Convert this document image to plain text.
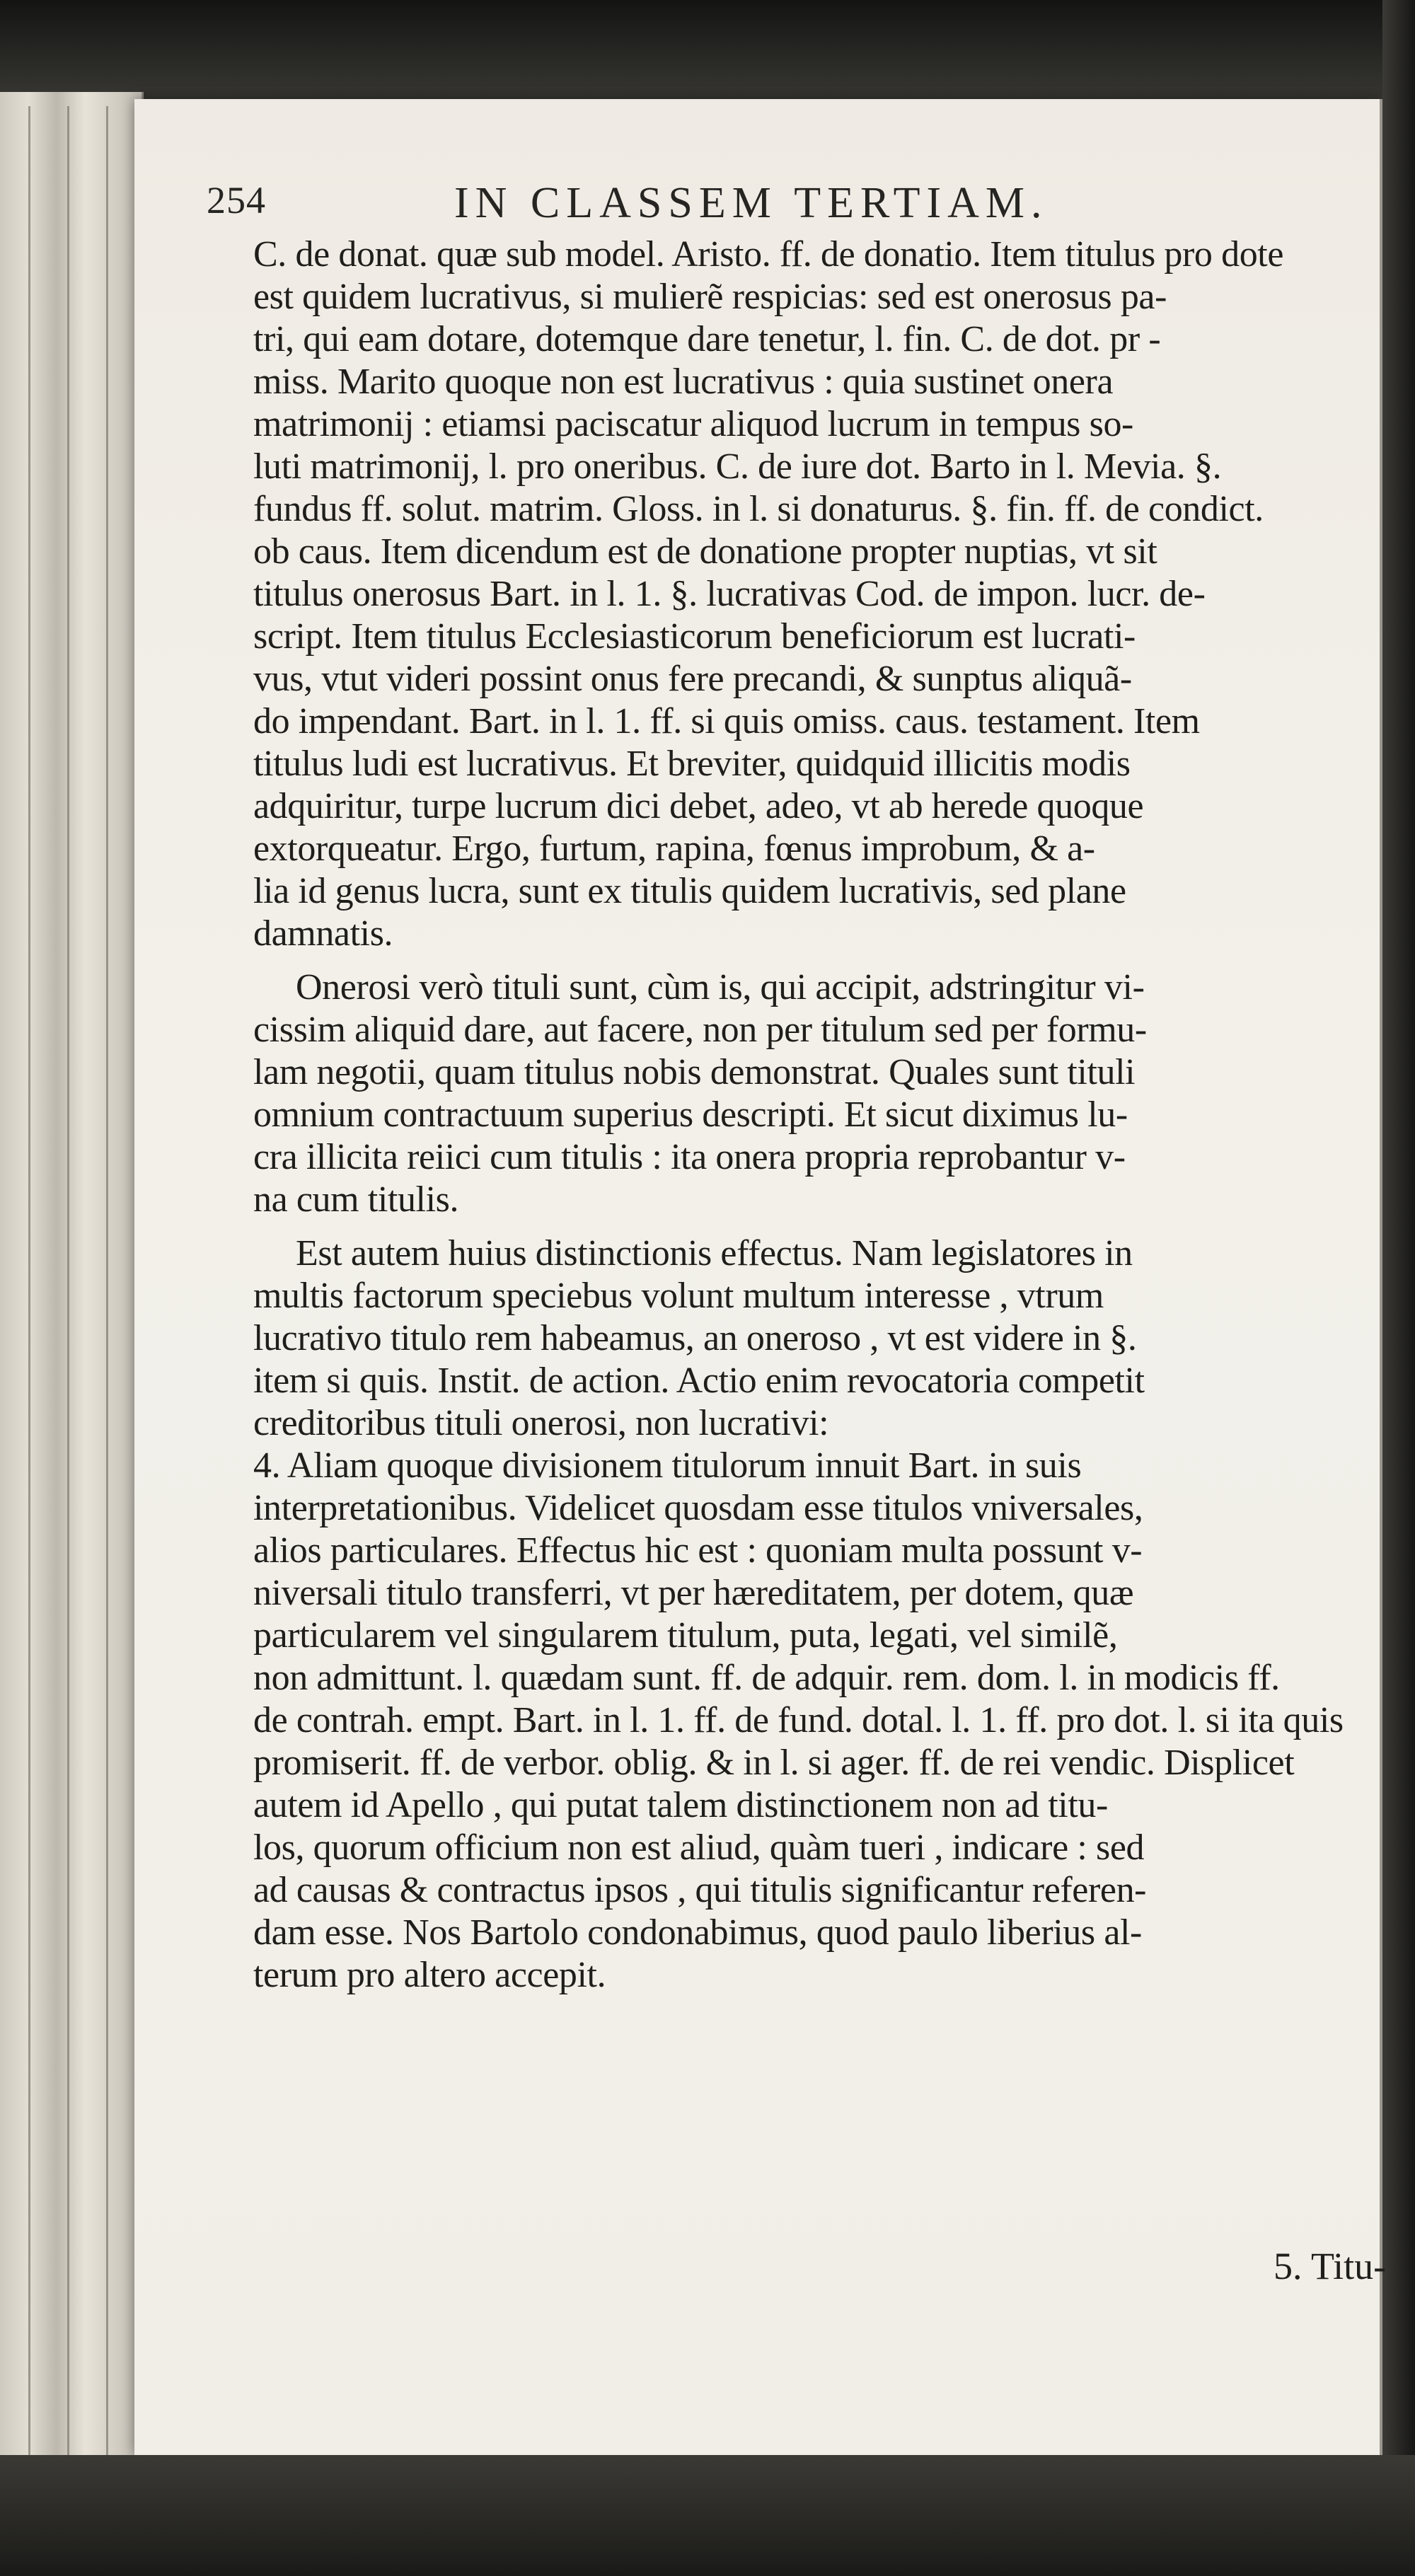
254	IN CLASSEM TERTIAM.
C. de donat. quæ sub model. Aristo. ff. de donatio. Item titulus pro dote
est quidem lucrativus, si mulierẽ respicias: sed est onerosus pa-
tri, qui eam dotare, dotemque dare tenetur, l. fin. C. de dot. pr -
miss. Marito quoque non est lucrativus : quia sustinet onera
matrimonij : etiamsi paciscatur aliquod lucrum in tempus so-
luti matrimonij, l. pro oneribus. C. de iure dot. Barto in l. Mevia. §.
fundus ff. solut. matrim. Gloss. in l. si donaturus. §. fin. ff. de condict.
ob caus. Item dicendum est de donatione propter nuptias, vt sit
titulus onerosus Bart. in l. 1. §. lucrativas Cod. de impon. lucr. de-
script. Item titulus Ecclesiasticorum beneficiorum est lucrati-
vus, vtut videri possint onus fere precandi, & sunptus aliquã-
do impendant. Bart. in l. 1. ff. si quis omiss. caus. testament. Item
titulus ludi est lucrativus. Et breviter, quidquid illicitis modis
adquiritur, turpe lucrum dici debet, adeo, vt ab herede quoque
extorqueatur. Ergo, furtum, rapina, fœnus improbum, & a-
lia id genus lucra, sunt ex titulis quidem lucrativis, sed plane
damnatis.
Onerosi verò tituli sunt, cùm is, qui accipit, adstringitur vi-
cissim aliquid dare, aut facere, non per titulum sed per formu-
lam negotii, quam titulus nobis demonstrat. Quales sunt tituli
omnium contractuum superius descripti. Et sicut diximus lu-
cra illicita reiici cum titulis : ita onera propria reprobantur v-
na cum titulis.
Est autem huius distinctionis effectus. Nam legislatores in
multis factorum speciebus volunt multum interesse , vtrum
lucrativo titulo rem habeamus, an oneroso , vt est videre in §.
item si quis. Instit. de action. Actio enim revocatoria competit
creditoribus tituli onerosi, non lucrativi:
4. Aliam quoque divisionem titulorum innuit Bart. in suis
interpretationibus. Videlicet quosdam esse titulos vniversales,
alios particulares. Effectus hic est : quoniam multa possunt v-
niversali titulo transferri, vt per hæreditatem, per dotem, quæ
particularem vel singularem titulum, puta, legati, vel similẽ,
non admittunt. l. quædam sunt. ff. de adquir. rem. dom. l. in modicis ff.
de contrah. empt. Bart. in l. 1. ff. de fund. dotal. l. 1. ff. pro dot. l. si ita quis
promiserit. ff. de verbor. oblig. & in l. si ager. ff. de rei vendic. Displicet
autem id Apello , qui putat talem distinctionem non ad titu-
los, quorum officium non est aliud, quàm tueri , indicare : sed
ad causas & contractus ipsos , qui titulis significantur referen-
dam esse. Nos Bartolo condonabimus, quod paulo liberius al-
terum pro altero accepit.
5. Titu-
